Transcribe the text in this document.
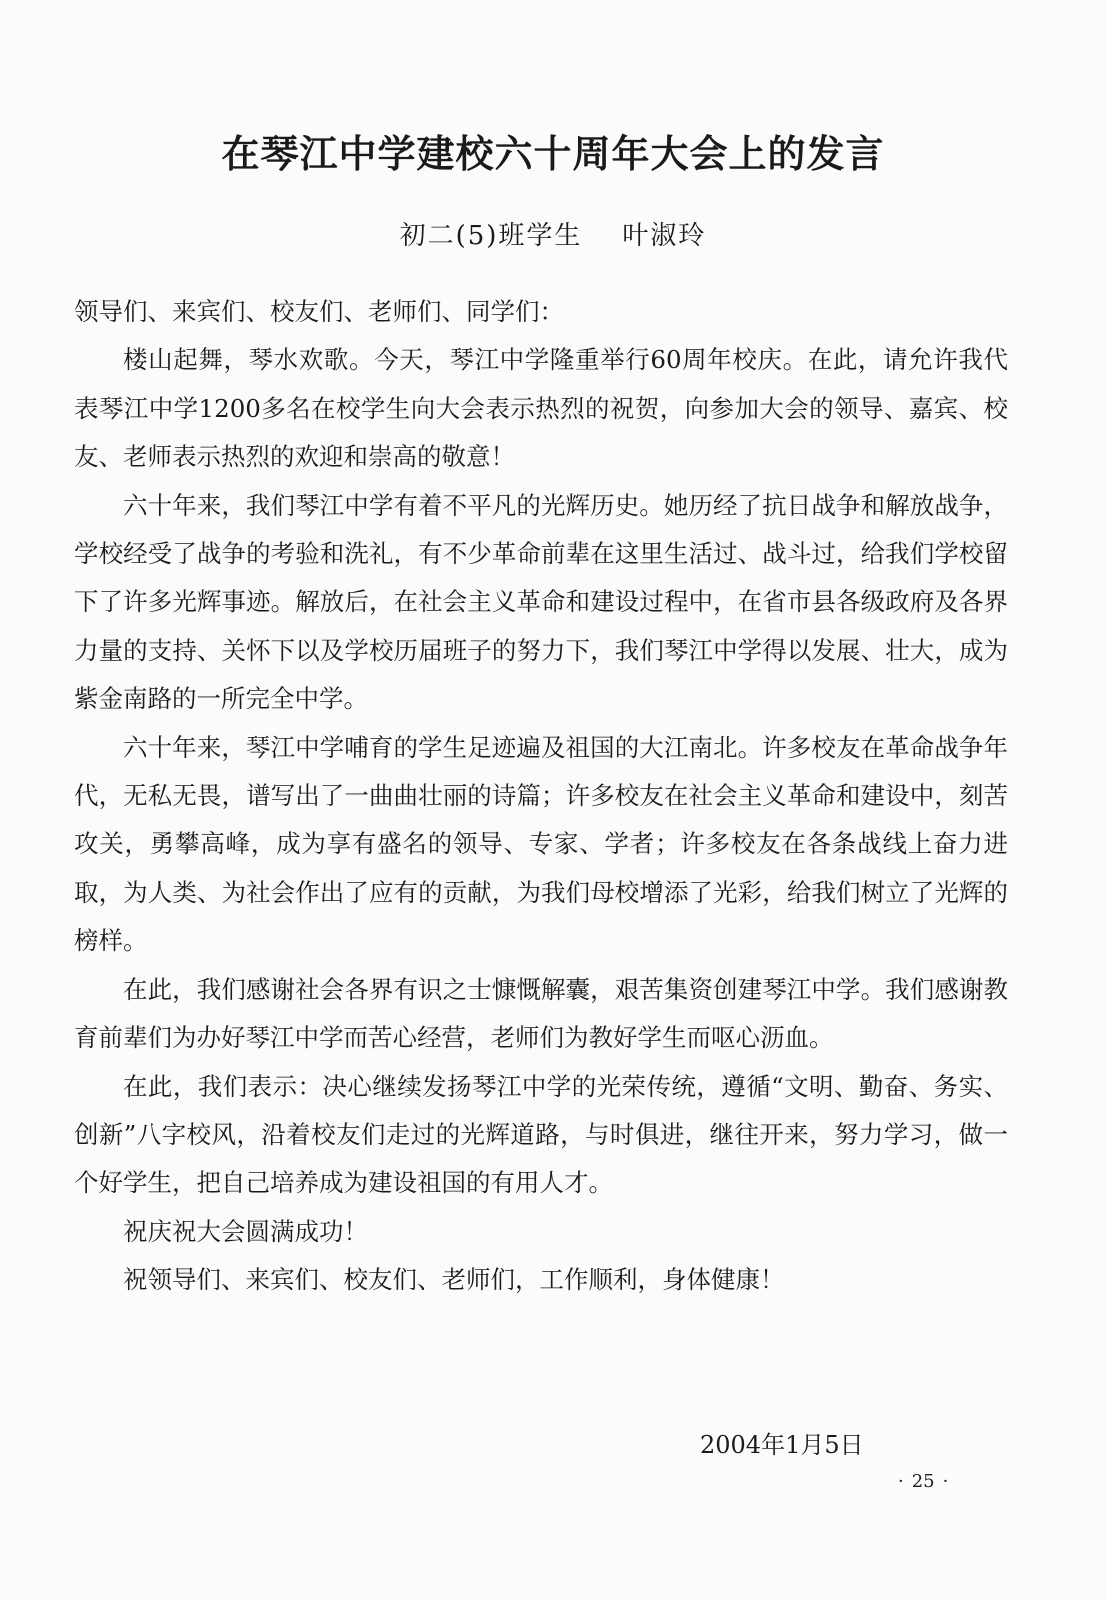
在琴江中学建校六十周年大会上的发言
初二(5)班学生 叶淑玲

领导们、来宾们、校友们、老师们、同学们：

楼山起舞，琴水欢歌。今天，琴江中学隆重举行60周年校庆。在此，请允许我代表琴江中学1200多名在校学生向大会表示热烈的祝贺，向参加大会的领导、嘉宾、校友、老师表示热烈的欢迎和崇高的敬意！

六十年来，我们琴江中学有着不平凡的光辉历史。她历经了抗日战争和解放战争，学校经受了战争的考验和洗礼，有不少革命前辈在这里生活过、战斗过，给我们学校留下了许多光辉事迹。解放后，在社会主义革命和建设过程中，在省市县各级政府及各界力量的支持、关怀下以及学校历届班子的努力下，我们琴江中学得以发展、壮大，成为紫金南路的一所完全中学。

六十年来，琴江中学哺育的学生足迹遍及祖国的大江南北。许多校友在革命战争年代，无私无畏，谱写出了一曲曲壮丽的诗篇；许多校友在社会主义革命和建设中，刻苦攻关，勇攀高峰，成为享有盛名的领导、专家、学者；许多校友在各条战线上奋力进取，为人类、为社会作出了应有的贡献，为我们母校增添了光彩，给我们树立了光辉的榜样。

在此，我们感谢社会各界有识之士慷慨解囊，艰苦集资创建琴江中学。我们感谢教育前辈们为办好琴江中学而苦心经营，老师们为教好学生而呕心沥血。

在此，我们表示：决心继续发扬琴江中学的光荣传统，遵循“文明、勤奋、务实、创新”八字校风，沿着校友们走过的光辉道路，与时俱进，继往开来，努力学习，做一个好学生，把自己培养成为建设祖国的有用人才。

祝庆祝大会圆满成功！

祝领导们、来宾们、校友们、老师们，工作顺利，身体健康！

2004年1月5日
· 25 ·
